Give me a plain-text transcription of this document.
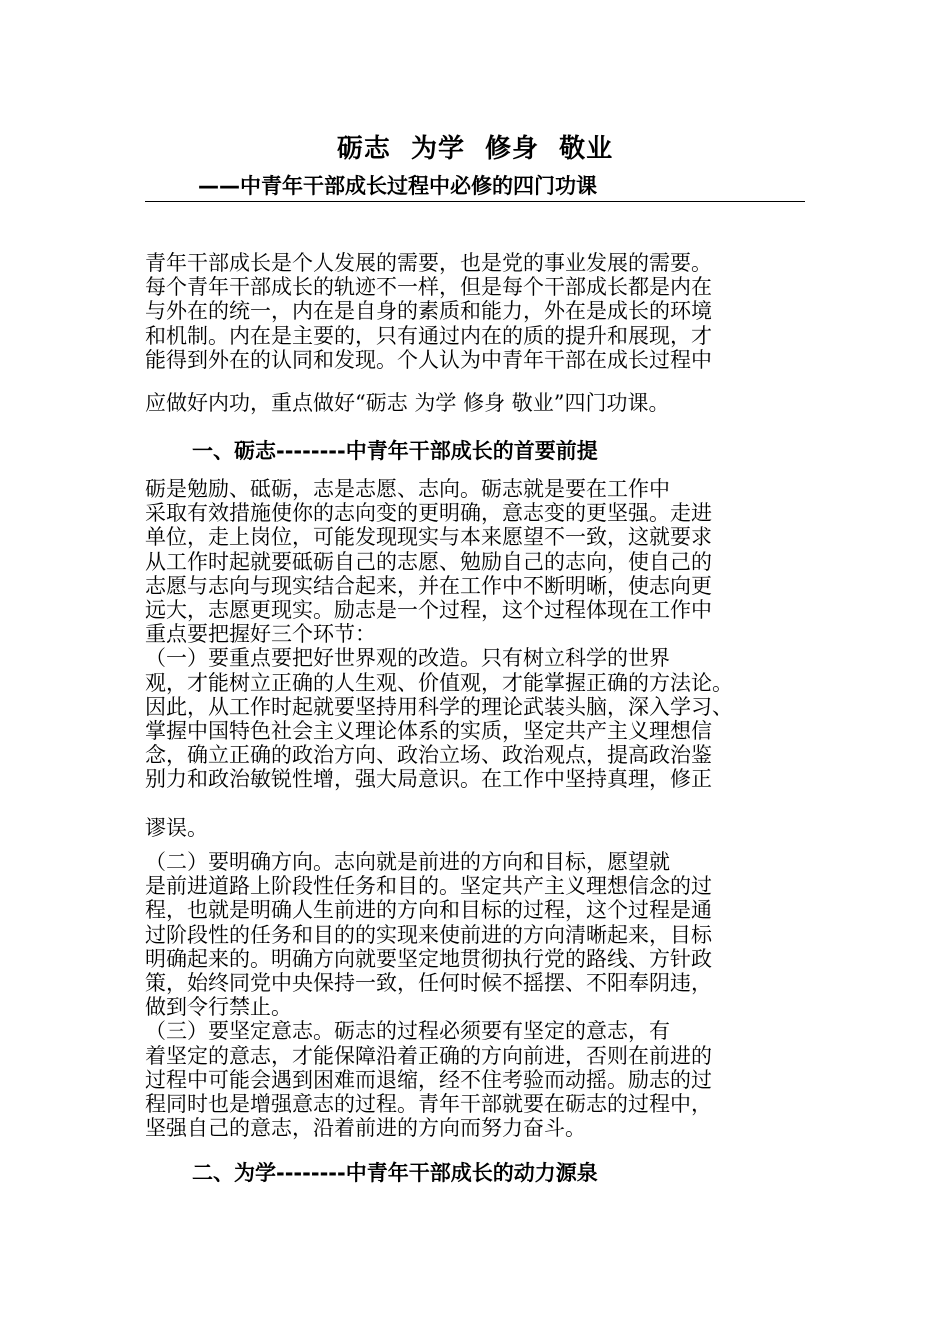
砺志  为学  修身  敬业
——中青年干部成长过程中必修的四门功课
青年干部成长是个人发展的需要，也是党的事业发展的需要。
每个青年干部成长的轨迹不一样，但是每个干部成长都是内在
与外在的统一，内在是自身的素质和能力，外在是成长的环境
和机制。内在是主要的，只有通过内在的质的提升和展现，才
能得到外在的认同和发现。个人认为中青年干部在成长过程中
应做好内功，重点做好“砺志 为学 修身 敬业”四门功课。
一、砺志--------中青年干部成长的首要前提
砺是勉励、砥砺，志是志愿、志向。砺志就是要在工作中
采取有效措施使你的志向变的更明确，意志变的更坚强。走进
单位，走上岗位，可能发现现实与本来愿望不一致，这就要求
从工作时起就要砥砺自己的志愿、勉励自己的志向，使自己的
志愿与志向与现实结合起来，并在工作中不断明晰，使志向更
远大，志愿更现实。励志是一个过程，这个过程体现在工作中
重点要把握好三个环节：
（一）要重点要把好世界观的改造。只有树立科学的世界
观，才能树立正确的人生观、价值观，才能掌握正确的方法论。
因此，从工作时起就要坚持用科学的理论武装头脑，深入学习、
掌握中国特色社会主义理论体系的实质，坚定共产主义理想信
念，确立正确的政治方向、政治立场、政治观点，提高政治鉴
别力和政治敏锐性增，强大局意识。在工作中坚持真理，修正
谬误。
（二）要明确方向。志向就是前进的方向和目标，愿望就
是前进道路上阶段性任务和目的。坚定共产主义理想信念的过
程，也就是明确人生前进的方向和目标的过程，这个过程是通
过阶段性的任务和目的的实现来使前进的方向清晰起来，目标
明确起来的。明确方向就要坚定地贯彻执行党的路线、方针政
策，始终同党中央保持一致，任何时候不摇摆、不阳奉阴违，
做到令行禁止。
（三）要坚定意志。砺志的过程必须要有坚定的意志，有
着坚定的意志，才能保障沿着正确的方向前进，否则在前进的
过程中可能会遇到困难而退缩，经不住考验而动摇。励志的过
程同时也是增强意志的过程。青年干部就要在砺志的过程中，
坚强自己的意志，沿着前进的方向而努力奋斗。
二、为学--------中青年干部成长的动力源泉
